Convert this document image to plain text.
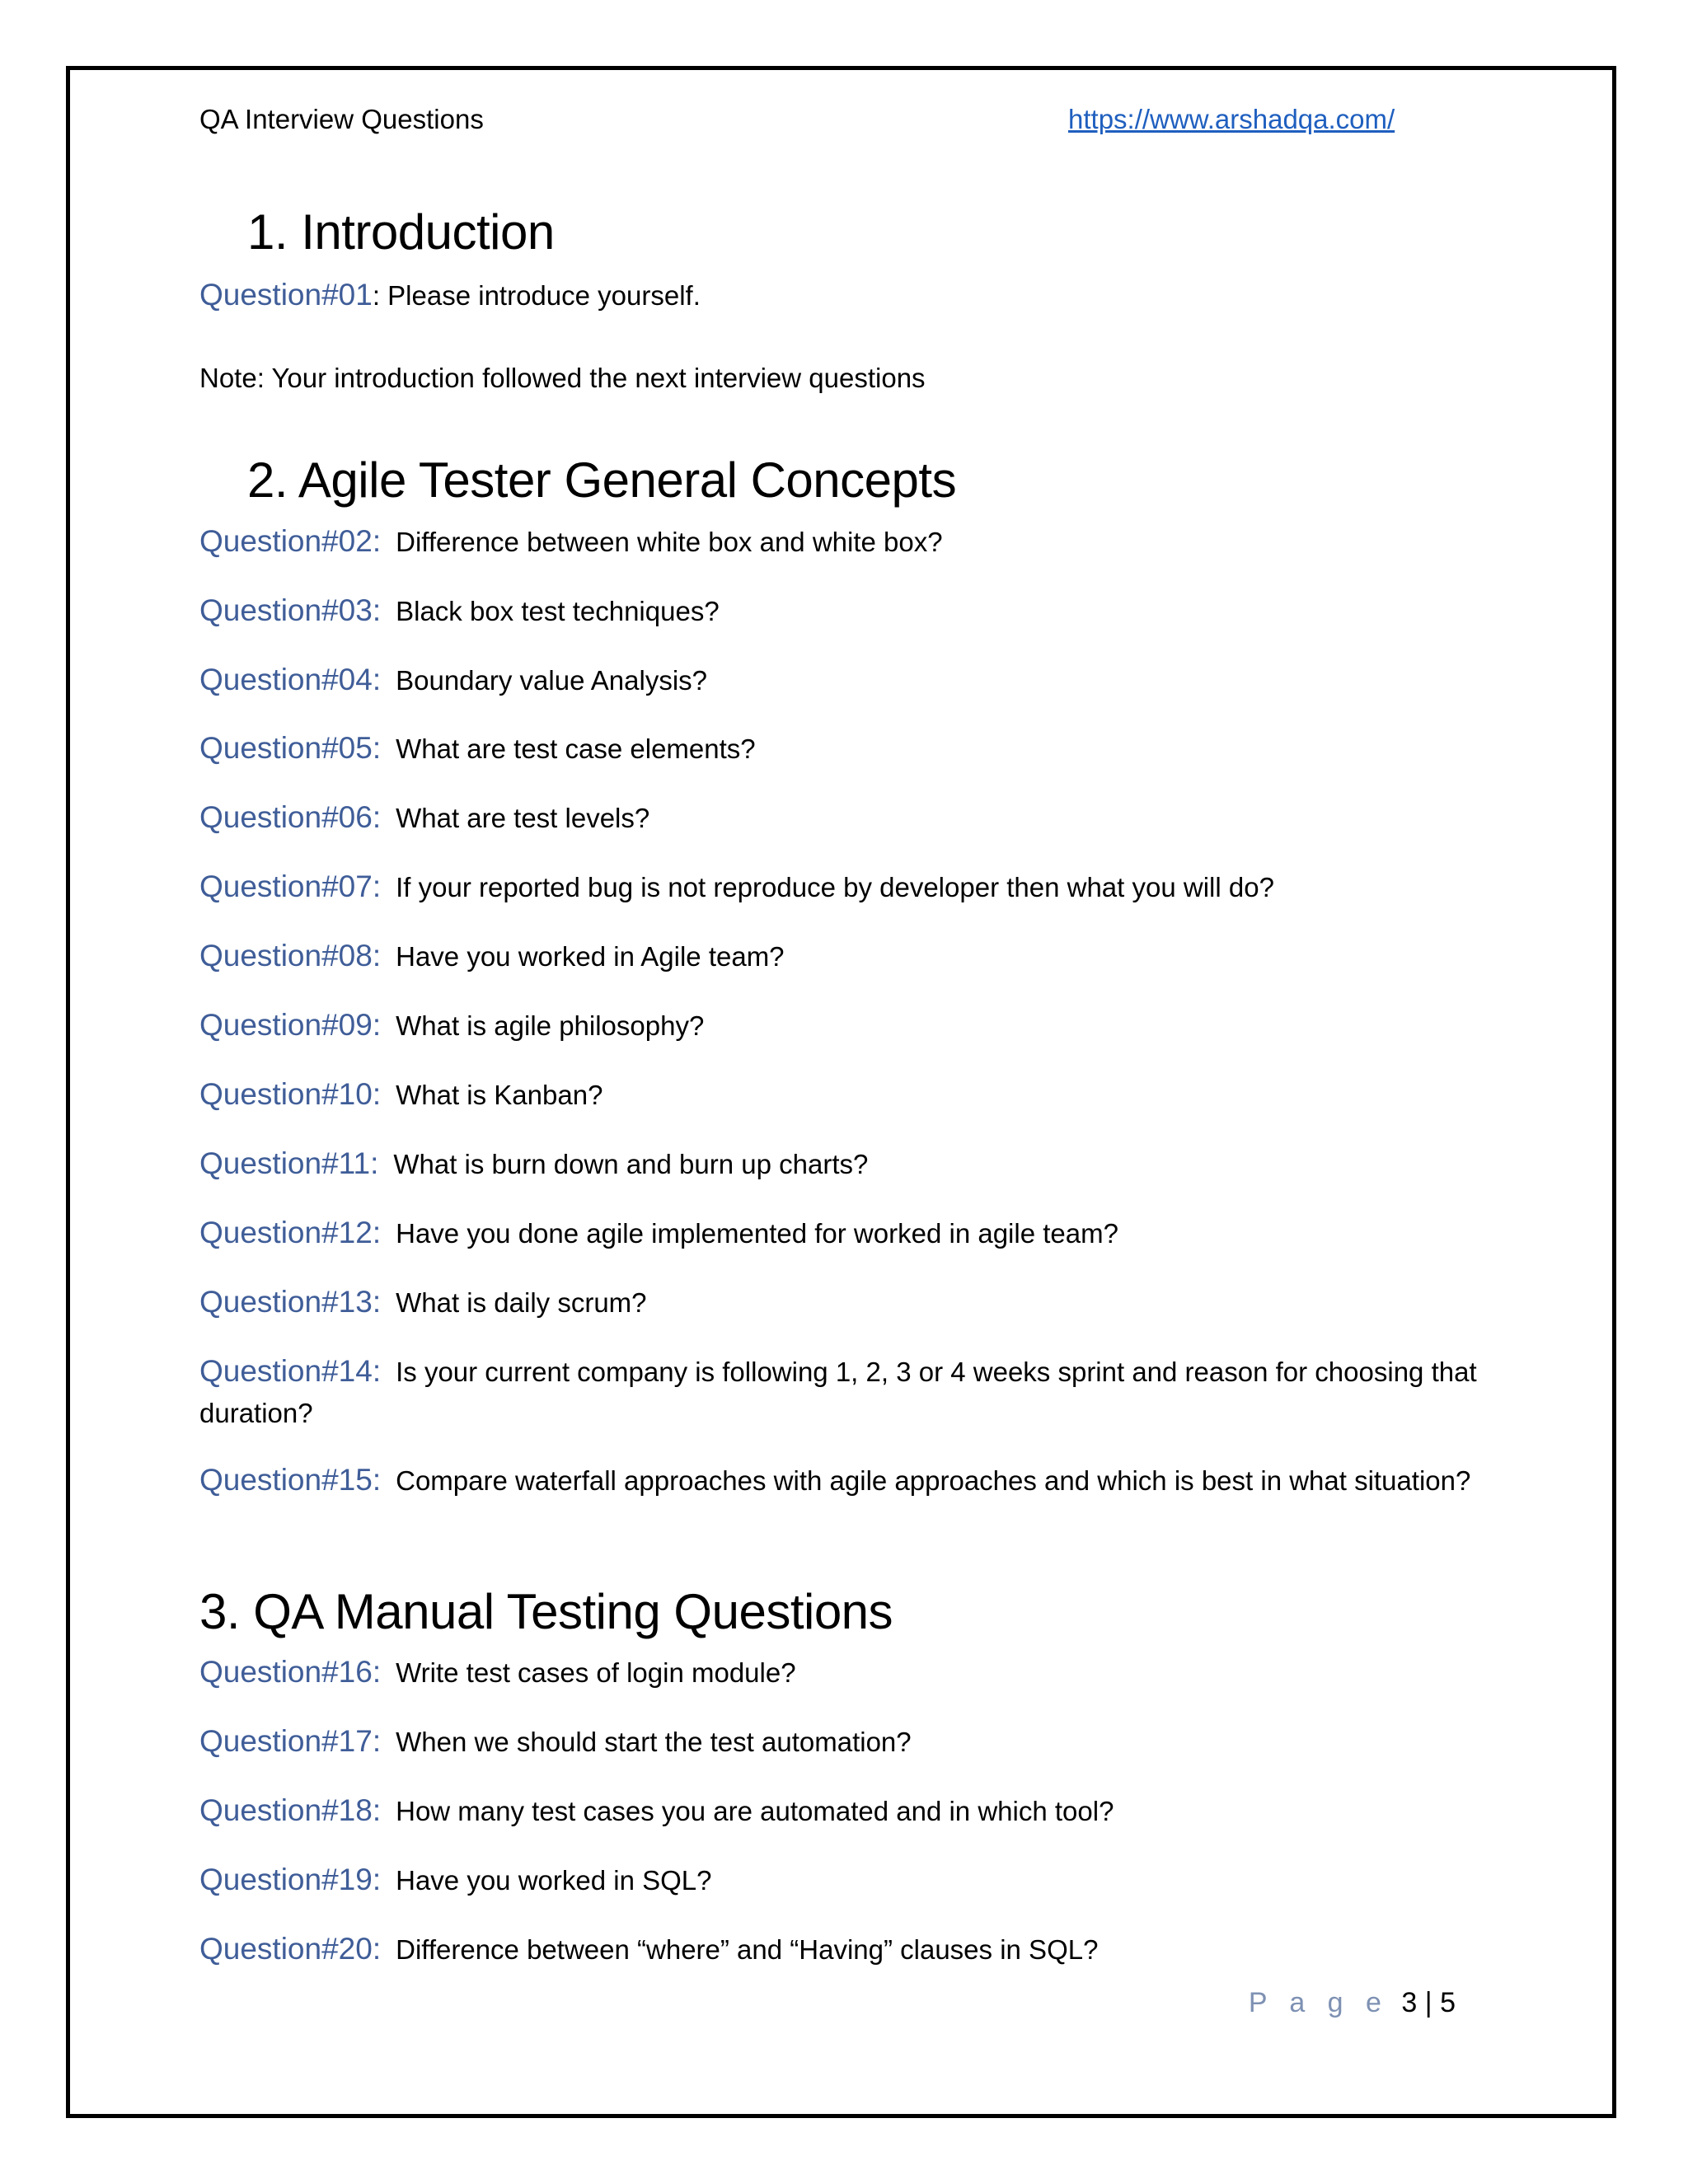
QA Interview Questions	https://www.arshadqa.com/
1. Introduction
Question#01: Please introduce yourself.
Note: Your introduction followed the next interview questions
2. Agile Tester General Concepts
Question#02: Difference between white box and white box?
Question#03: Black box test techniques?
Question#04: Boundary value Analysis?
Question#05: What are test case elements?
Question#06: What are test levels?
Question#07: If your reported bug is not reproduce by developer then what you will do?
Question#08: Have you worked in Agile team?
Question#09: What is agile philosophy?
Question#10: What is Kanban?
Question#11: What is burn down and burn up charts?
Question#12: Have you done agile implemented for worked in agile team?
Question#13: What is daily scrum?
Question#14: Is your current company is following 1, 2, 3 or 4 weeks sprint and reason for choosing that duration?
Question#15: Compare waterfall approaches with agile approaches and which is best in what situation?
3. QA Manual Testing Questions
Question#16: Write test cases of login module?
Question#17: When we should start the test automation?
Question#18: How many test cases you are automated and in which tool?
Question#19: Have you worked in SQL?
Question#20: Difference between “where” and “Having” clauses in SQL?
P a g e 3 | 5
